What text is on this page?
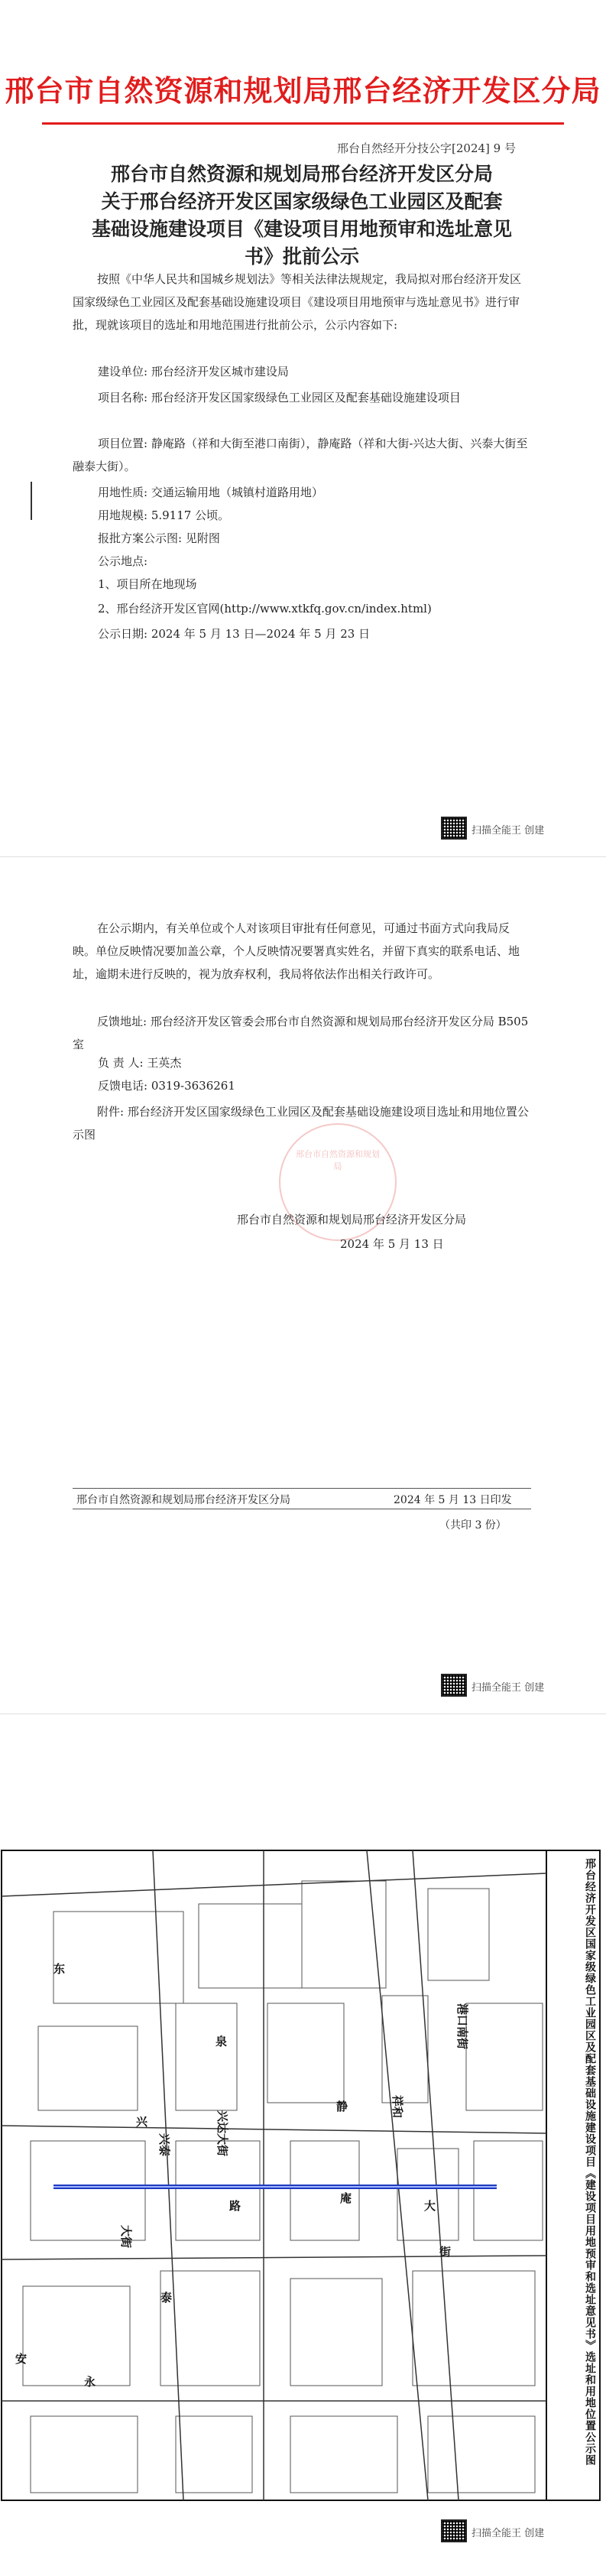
邢台市自然资源和规划局邢台经济开发区分局
邢台自然经开分技公字[2024] 9 号
邢台市自然资源和规划局邢台经济开发区分局
关于邢台经济开发区国家级绿色工业园区及配套
基础设施建设项目《建设项目用地预审和选址意见
书》批前公示
按照《中华人民共和国城乡规划法》等相关法律法规规定，我局拟对邢台经济开发区国家级绿色工业园区及配套基础设施建设项目《建设项目用地预审与选址意见书》进行审批，现就该项目的选址和用地范围进行批前公示，公示内容如下:
建设单位: 邢台经济开发区城市建设局
项目名称: 邢台经济开发区国家级绿色工业园区及配套基础设施建设项目
项目位置: 静庵路（祥和大街至港口南街），静庵路（祥和大街-兴达大街、兴泰大街至融泰大街）。
用地性质: 交通运输用地（城镇村道路用地）
用地规模: 5.9117 公顷。
报批方案公示图: 见附图
公示地点:
1、项目所在地现场
2、邢台经济开发区官网(http://www.xtkfq.gov.cn/index.html)
公示日期: 2024 年 5 月 13 日—2024 年 5 月 23 日
扫描全能王 创建
在公示期内，有关单位或个人对该项目审批有任何意见，可通过书面方式向我局反映。单位反映情况要加盖公章，个人反映情况要署真实姓名，并留下真实的联系电话、地址，逾期未进行反映的，视为放弃权利，我局将依法作出相关行政许可。
反馈地址: 邢台经济开发区管委会邢台市自然资源和规划局邢台经济开发区分局 B505 室
负 责 人: 王英杰
反馈电话: 0319-3636261
附件: 邢台经济开发区国家级绿色工业园区及配套基础设施建设项目选址和用地位置公示图
邢台市自然资源和规划局
邢台市自然资源和规划局邢台经济开发区分局
2024 年 5 月 13 日
邢台市自然资源和规划局邢台经济开发区分局	2024 年 5 月 13 日印发
（共印 3 份）
扫描全能王 创建
东
泉
兴达大街
兴泰
大街
静
庵
路
祥和
大
街
港口南街
兴
泰
安
永	邢台经济开发区国家级绿色工业园区及配套基础设施建设项目《建设项目用地预审和选址意见书》选址和用地位置公示图
扫描全能王 创建
